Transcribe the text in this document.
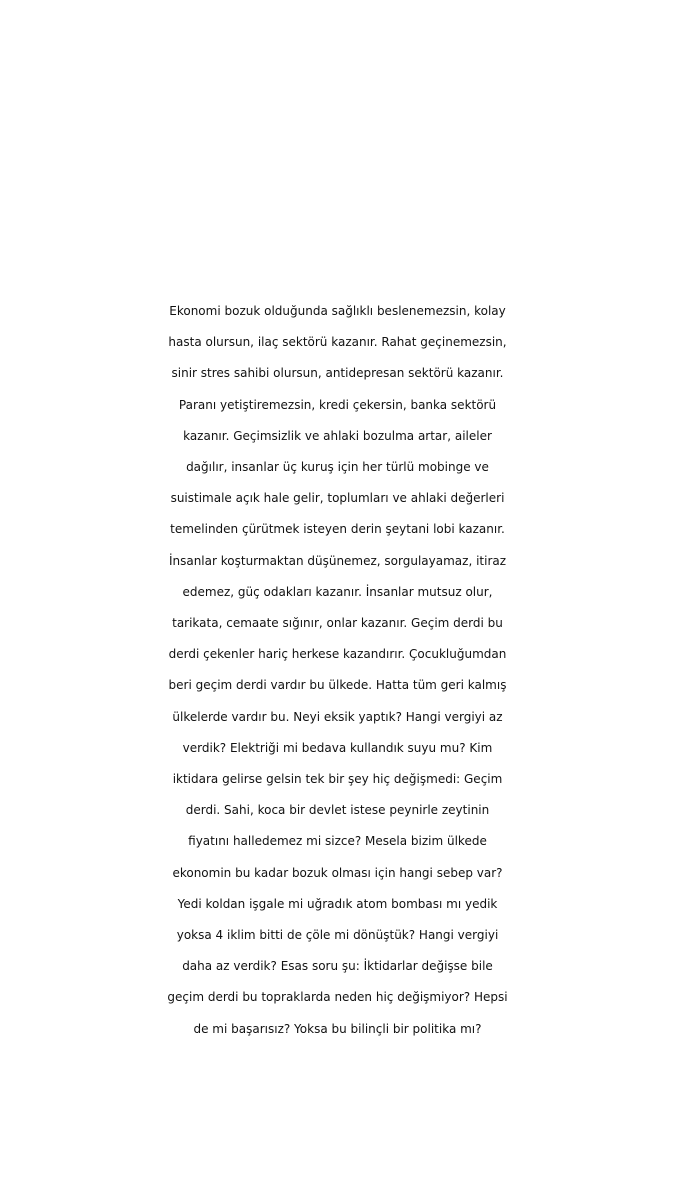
Ekonomi bozuk olduğunda sağlıklı beslenemezsin, kolay
hasta olursun, ilaç sektörü kazanır. Rahat geçinemezsin,
sinir stres sahibi olursun, antidepresan sektörü kazanır.
Paranı yetiştiremezsin, kredi çekersin, banka sektörü
kazanır. Geçimsizlik ve ahlaki bozulma artar, aileler
dağılır, insanlar üç kuruş için her türlü mobinge ve
suistimale açık hale gelir, toplumları ve ahlaki değerleri
temelinden çürütmek isteyen derin şeytani lobi kazanır.
İnsanlar koşturmaktan düşünemez, sorgulayamaz, itiraz
edemez, güç odakları kazanır. İnsanlar mutsuz olur,
tarikata, cemaate sığınır, onlar kazanır. Geçim derdi bu
derdi çekenler hariç herkese kazandırır. Çocukluğumdan
beri geçim derdi vardır bu ülkede. Hatta tüm geri kalmış
ülkelerde vardır bu. Neyi eksik yaptık? Hangi vergiyi az
verdik? Elektriği mi bedava kullandık suyu mu? Kim
iktidara gelirse gelsin tek bir şey hiç değişmedi: Geçim
derdi. Sahi, koca bir devlet istese peynirle zeytinin
fiyatını halledemez mi sizce? Mesela bizim ülkede
ekonomin bu kadar bozuk olması için hangi sebep var?
Yedi koldan işgale mi uğradık atom bombası mı yedik
yoksa 4 iklim bitti de çöle mi dönüştük? Hangi vergiyi
daha az verdik? Esas soru şu: İktidarlar değişse bile
geçim derdi bu topraklarda neden hiç değişmiyor? Hepsi
de mi başarısız? Yoksa bu bilinçli bir politika mı?
